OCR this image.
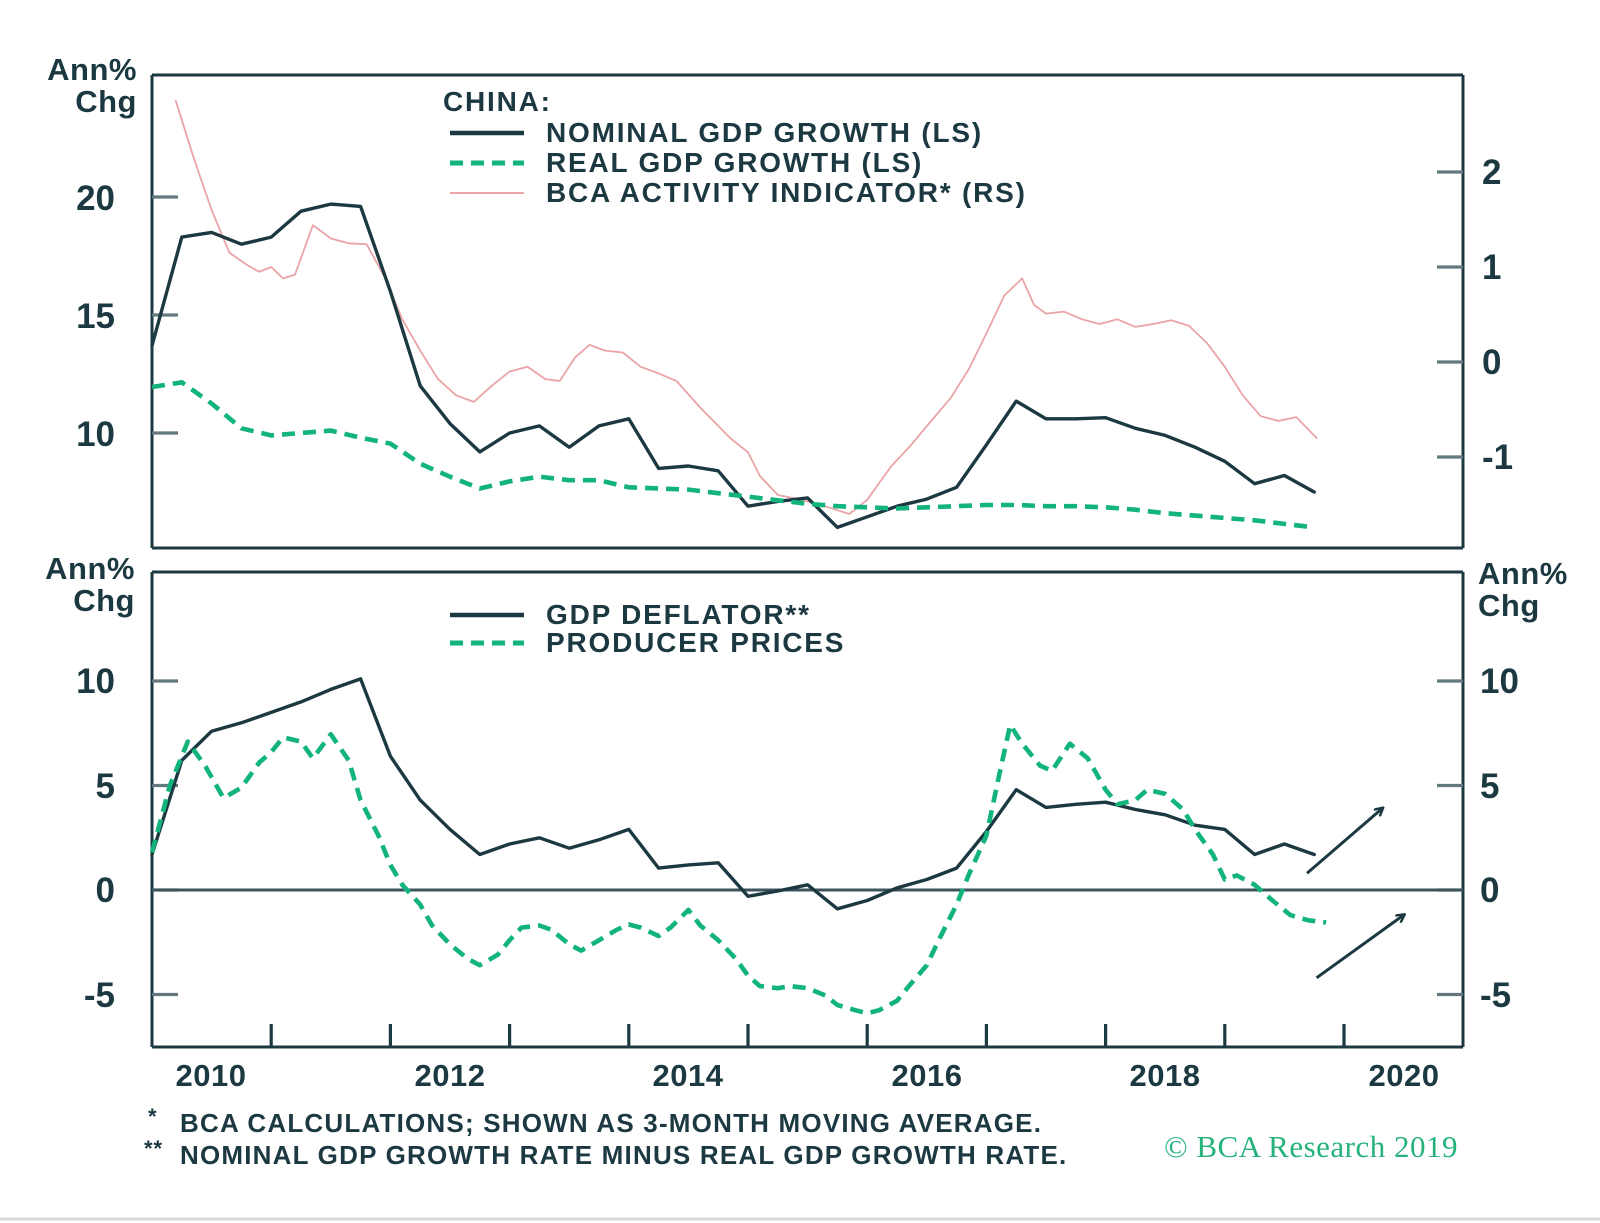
Ann%
Chg
20
15
10
2
1
0
-1
CHINA:
NOMINAL GDP GROWTH (LS)
REAL GDP GROWTH (LS)
BCA ACTIVITY INDICATOR* (RS)
Ann%
Chg
10
5
0
-5
Ann%
Chg
10
5
0
-5
GDP DEFLATOR**
PRODUCER PRICES
2010	2012	2014	2016	2018	2020
* BCA CALCULATIONS; SHOWN AS 3-MONTH MOVING AVERAGE.
** NOMINAL GDP GROWTH RATE MINUS REAL GDP GROWTH RATE.	© BCA Research 2019
